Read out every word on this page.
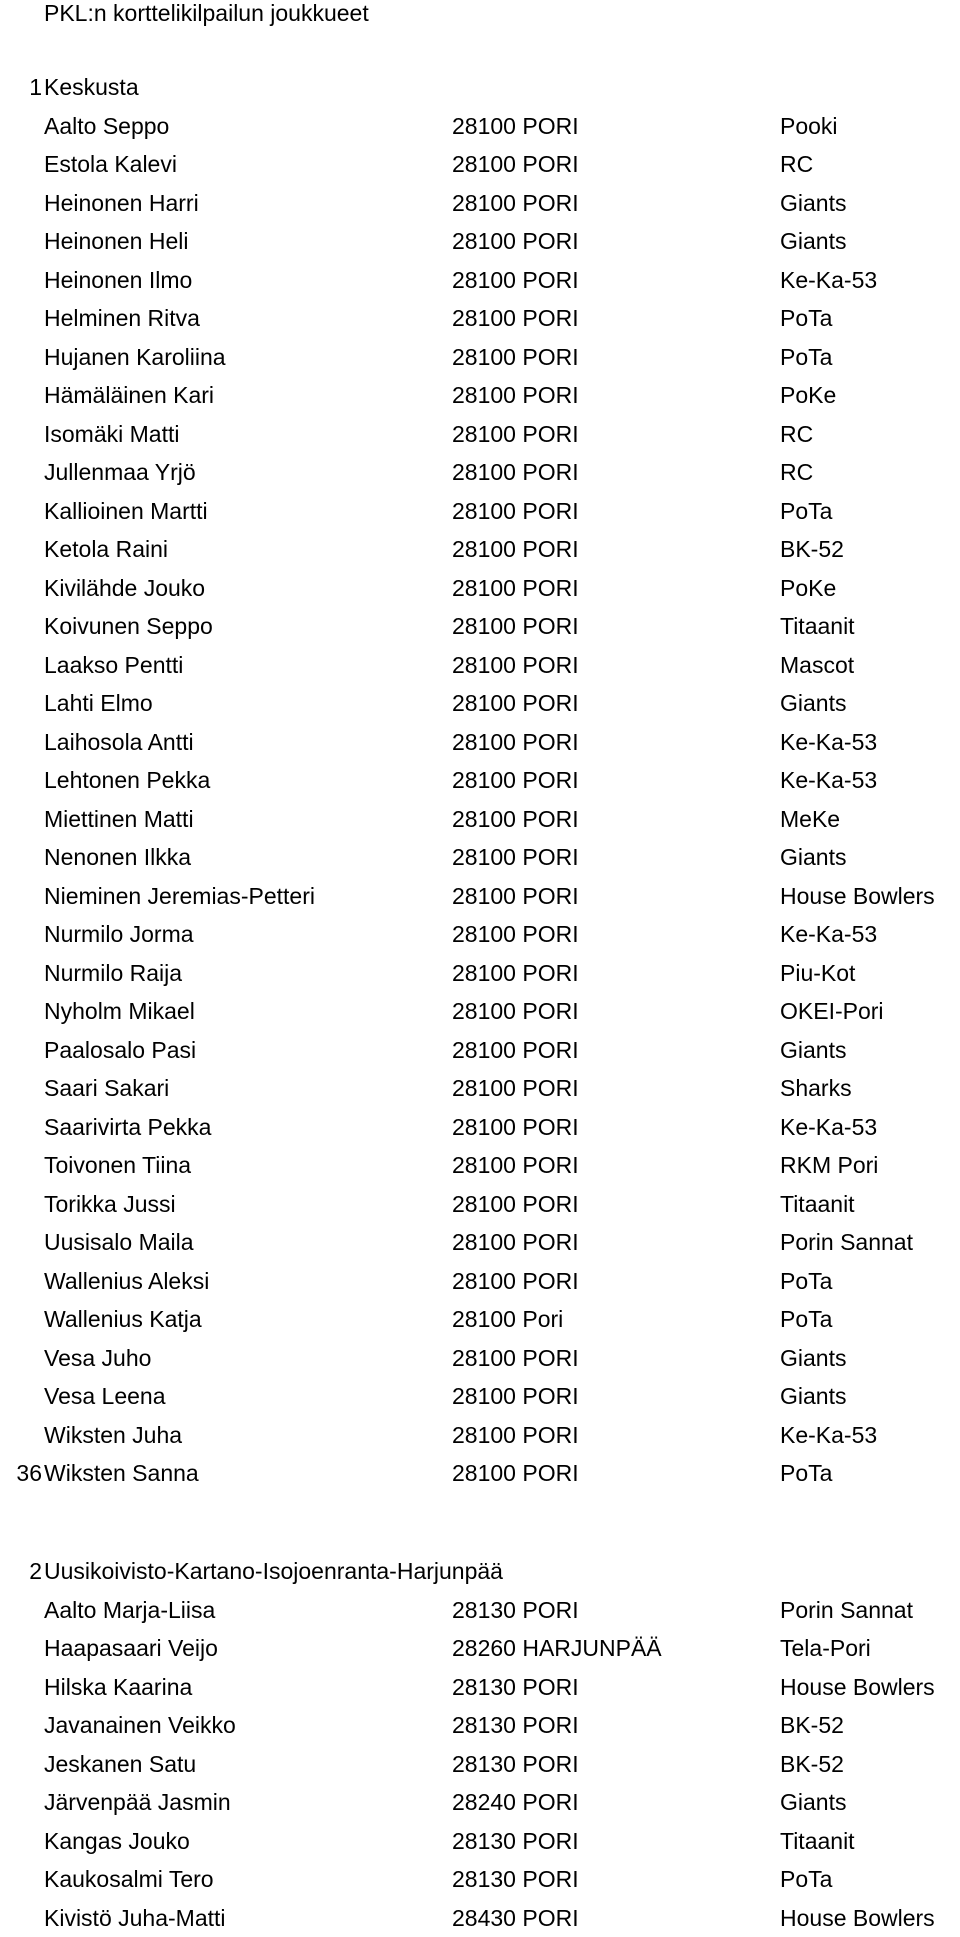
PKL:n korttelikilpailun joukkueet
1 Keskusta
Aalto Seppo	28100 PORI	Pooki
Estola Kalevi	28100 PORI	RC
Heinonen Harri	28100 PORI	Giants
Heinonen Heli	28100 PORI	Giants
Heinonen Ilmo	28100 PORI	Ke-Ka-53
Helminen Ritva	28100 PORI	PoTa
Hujanen Karoliina	28100 PORI	PoTa
Hämäläinen Kari	28100 PORI	PoKe
Isomäki Matti	28100 PORI	RC
Jullenmaa Yrjö	28100 PORI	RC
Kallioinen Martti	28100 PORI	PoTa
Ketola Raini	28100 PORI	BK-52
Kivilähde Jouko	28100 PORI	PoKe
Koivunen Seppo	28100 PORI	Titaanit
Laakso Pentti	28100 PORI	Mascot
Lahti Elmo	28100 PORI	Giants
Laihosola Antti	28100 PORI	Ke-Ka-53
Lehtonen Pekka	28100 PORI	Ke-Ka-53
Miettinen Matti	28100 PORI	MeKe
Nenonen Ilkka	28100 PORI	Giants
Nieminen Jeremias-Petteri	28100 PORI	House Bowlers
Nurmilo Jorma	28100 PORI	Ke-Ka-53
Nurmilo Raija	28100 PORI	Piu-Kot
Nyholm Mikael	28100 PORI	OKEI-Pori
Paalosalo Pasi	28100 PORI	Giants
Saari Sakari	28100 PORI	Sharks
Saarivirta Pekka	28100 PORI	Ke-Ka-53
Toivonen Tiina	28100 PORI	RKM Pori
Torikka Jussi	28100 PORI	Titaanit
Uusisalo Maila	28100 PORI	Porin Sannat
Wallenius Aleksi	28100 PORI	PoTa
Wallenius Katja	28100 Pori	PoTa
Vesa Juho	28100 PORI	Giants
Vesa Leena	28100 PORI	Giants
Wiksten Juha	28100 PORI	Ke-Ka-53
36 Wiksten Sanna	28100 PORI	PoTa
2 Uusikoivisto-Kartano-Isojoenranta-Harjunpää
Aalto Marja-Liisa	28130 PORI	Porin Sannat
Haapasaari Veijo	28260 HARJUNPÄÄ	Tela-Pori
Hilska Kaarina	28130 PORI	House Bowlers
Javanainen Veikko	28130 PORI	BK-52
Jeskanen Satu	28130 PORI	BK-52
Järvenpää Jasmin	28240 PORI	Giants
Kangas Jouko	28130 PORI	Titaanit
Kaukosalmi Tero	28130 PORI	PoTa
Kivistö Juha-Matti	28430 PORI	House Bowlers
